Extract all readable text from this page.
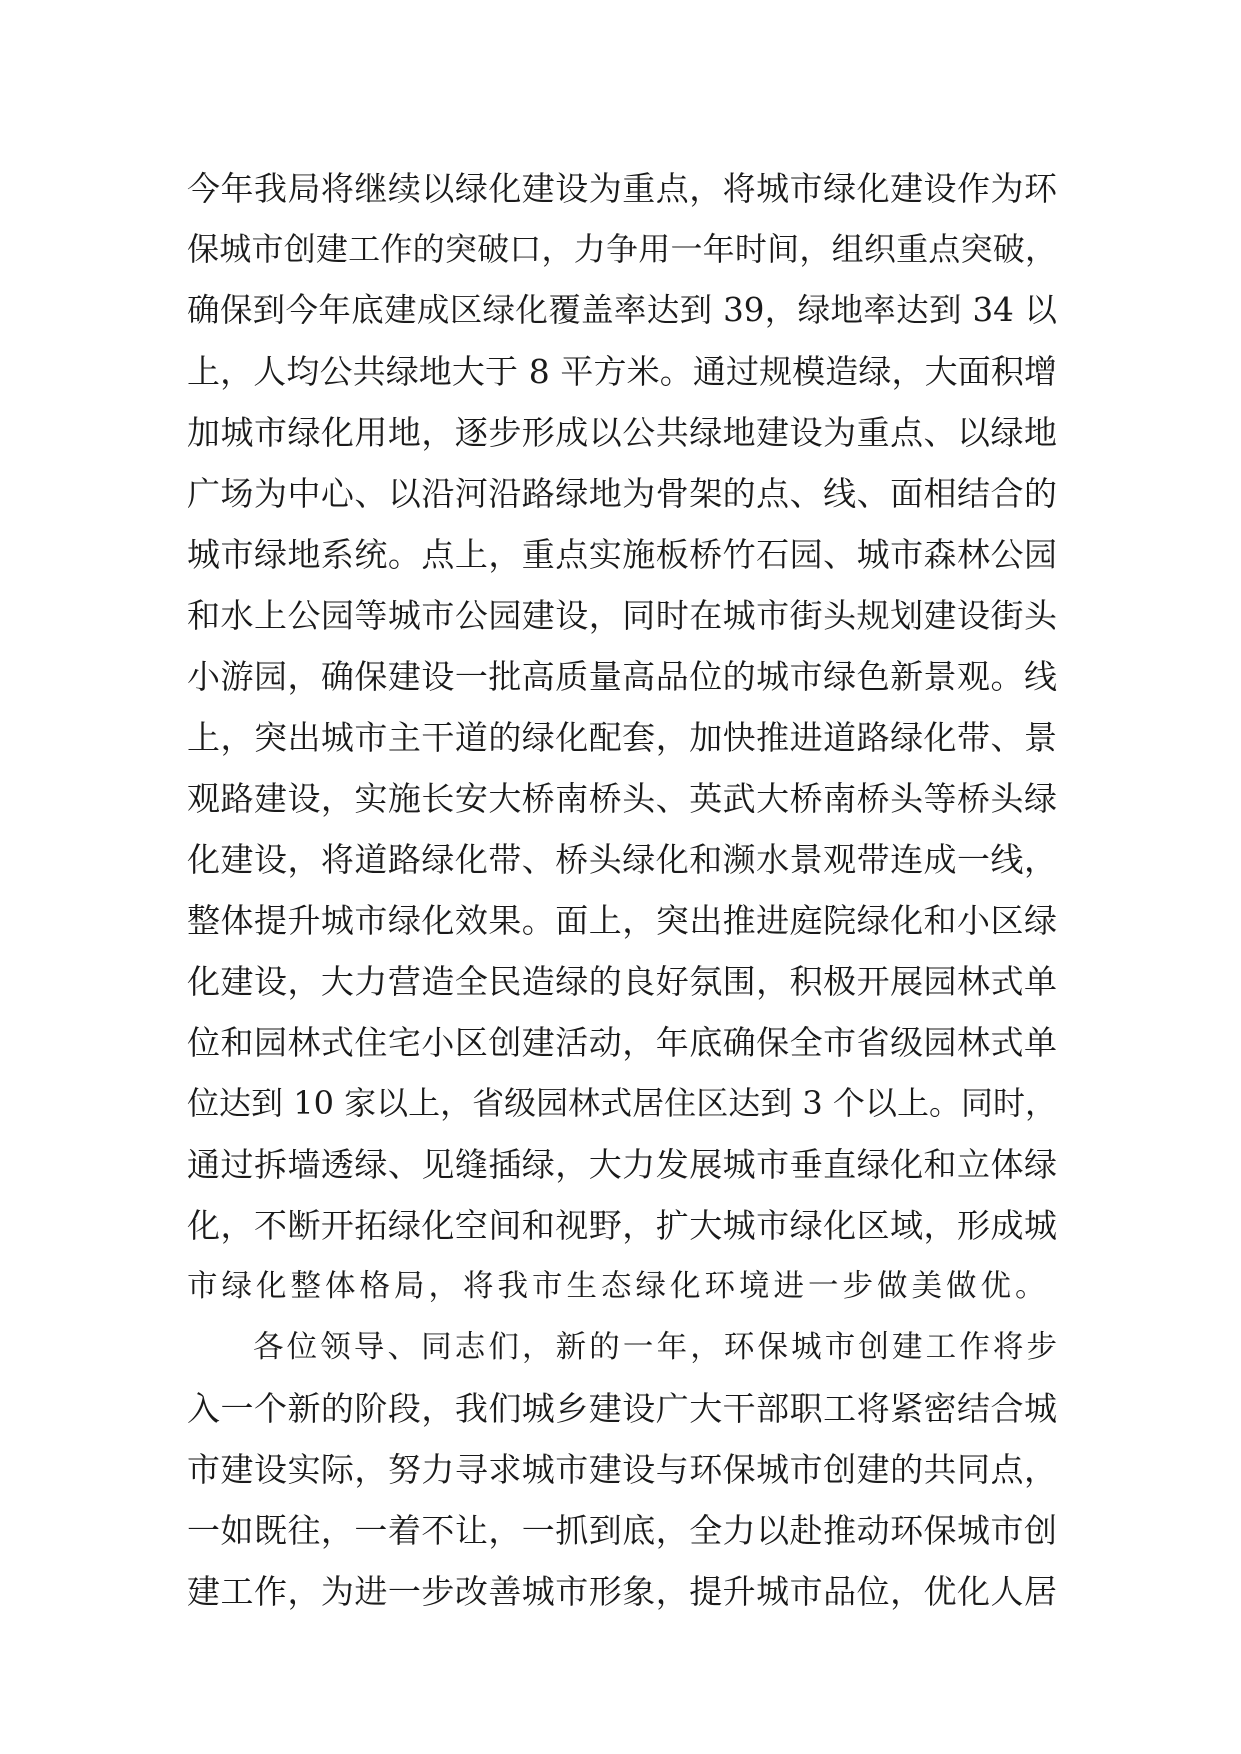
今年我局将继续以绿化建设为重点，将城市绿化建设作为环
保城市创建工作的突破口，力争用一年时间，组织重点突破，
确保到今年底建成区绿化覆盖率达到 39，绿地率达到 34 以
上，人均公共绿地大于 8 平方米。通过规模造绿，大面积增
加城市绿化用地，逐步形成以公共绿地建设为重点、以绿地
广场为中心、以沿河沿路绿地为骨架的点、线、面相结合的
城市绿地系统。点上，重点实施板桥竹石园、城市森林公园
和水上公园等城市公园建设，同时在城市街头规划建设街头
小游园，确保建设一批高质量高品位的城市绿色新景观。线
上，突出城市主干道的绿化配套，加快推进道路绿化带、景
观路建设，实施长安大桥南桥头、英武大桥南桥头等桥头绿
化建设，将道路绿化带、桥头绿化和濒水景观带连成一线，
整体提升城市绿化效果。面上，突出推进庭院绿化和小区绿
化建设，大力营造全民造绿的良好氛围，积极开展园林式单
位和园林式住宅小区创建活动，年底确保全市省级园林式单
位达到 10 家以上，省级园林式居住区达到 3 个以上。同时，
通过拆墙透绿、见缝插绿，大力发展城市垂直绿化和立体绿
化，不断开拓绿化空间和视野，扩大城市绿化区域，形成城
市绿化整体格局，将我市生态绿化环境进一步做美做优。
各位领导、同志们，新的一年，环保城市创建工作将步
入一个新的阶段，我们城乡建设广大干部职工将紧密结合城
市建设实际，努力寻求城市建设与环保城市创建的共同点，
一如既往，一着不让，一抓到底，全力以赴推动环保城市创
建工作，为进一步改善城市形象，提升城市品位，优化人居
